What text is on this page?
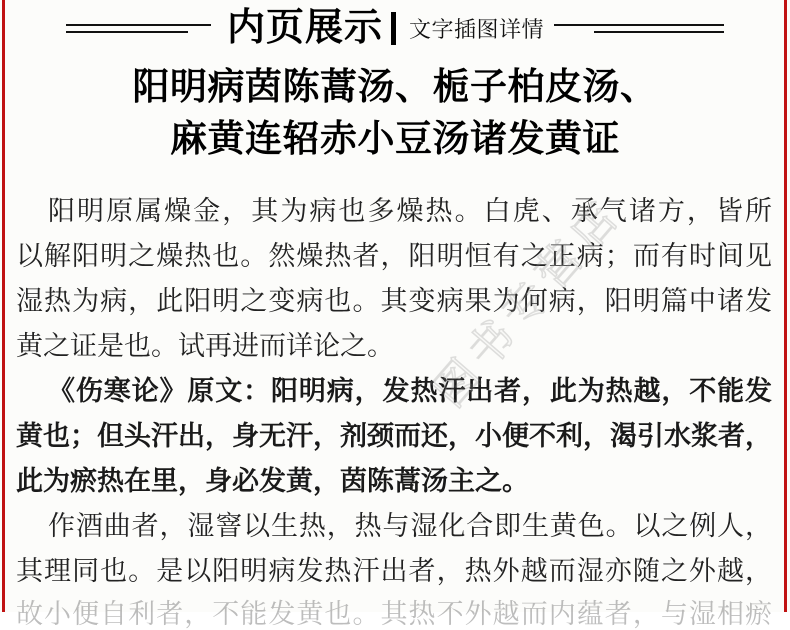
内页展示 文字插图详情
阳明病茵陈蒿汤、栀子柏皮汤、
麻黄连轺赤小豆汤诸发黄证
阳明原属燥金，其为病也多燥热。白虎、承气诸方，皆所
以解阳明之燥热也。然燥热者，阳明恒有之正病；而有时间见
湿热为病，此阳明之变病也。其变病果为何病，阳明篇中诸发
黄之证是也。试再进而详论之。
《伤寒论》原文：阳明病，发热汗出者，此为热越，不能发
黄也；但头汗出，身无汗，剂颈而还，小便不利，渴引水浆者，
此为瘀热在里，身必发黄，茵陈蒿汤主之。
作酒曲者，湿窨以生热，热与湿化合即生黄色。以之例人，
其理同也。是以阳明病发热汗出者，热外越而湿亦随之外越，
故小便自利者，不能发黄也。其热不外越而内蕴者，与湿相瘀
图书专营店
